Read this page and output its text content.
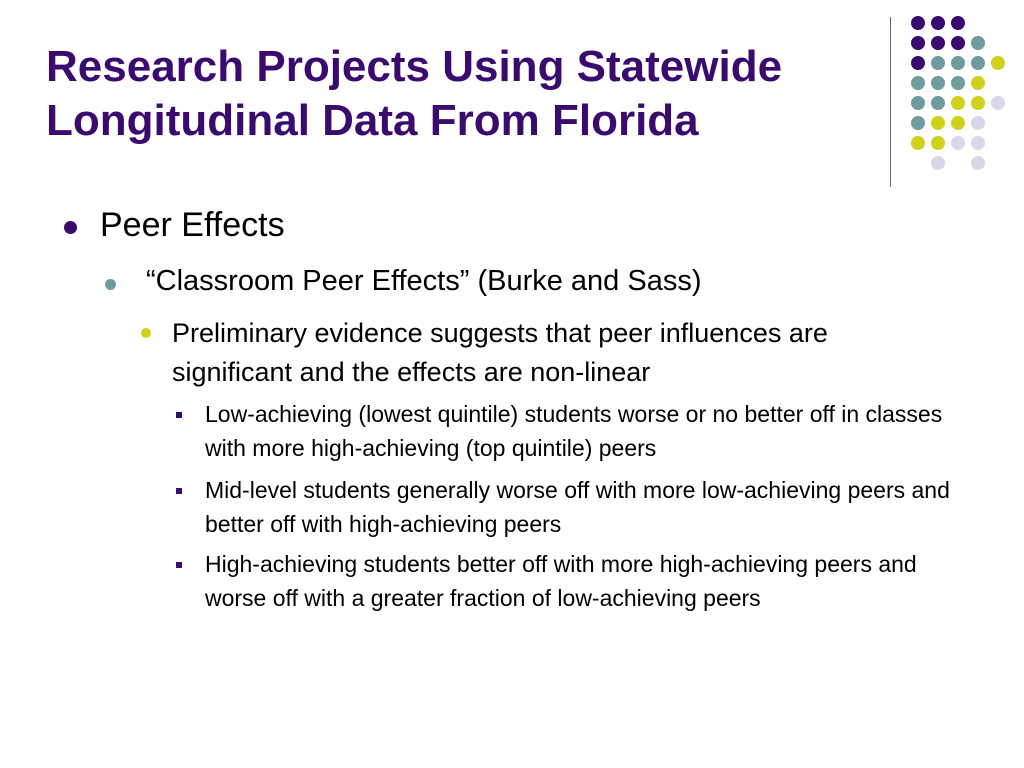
Research Projects Using Statewide
Longitudinal Data From Florida

Peer Effects

“Classroom Peer Effects” (Burke and Sass)

Preliminary evidence suggests that peer influences are significant and the effects are non-linear

Low-achieving (lowest quintile) students worse or no better off in classes with more high-achieving (top quintile) peers

Mid-level students generally worse off with more low-achieving peers and better off with high-achieving peers

High-achieving students better off with more high-achieving peers and worse off with a greater fraction of low-achieving peers
